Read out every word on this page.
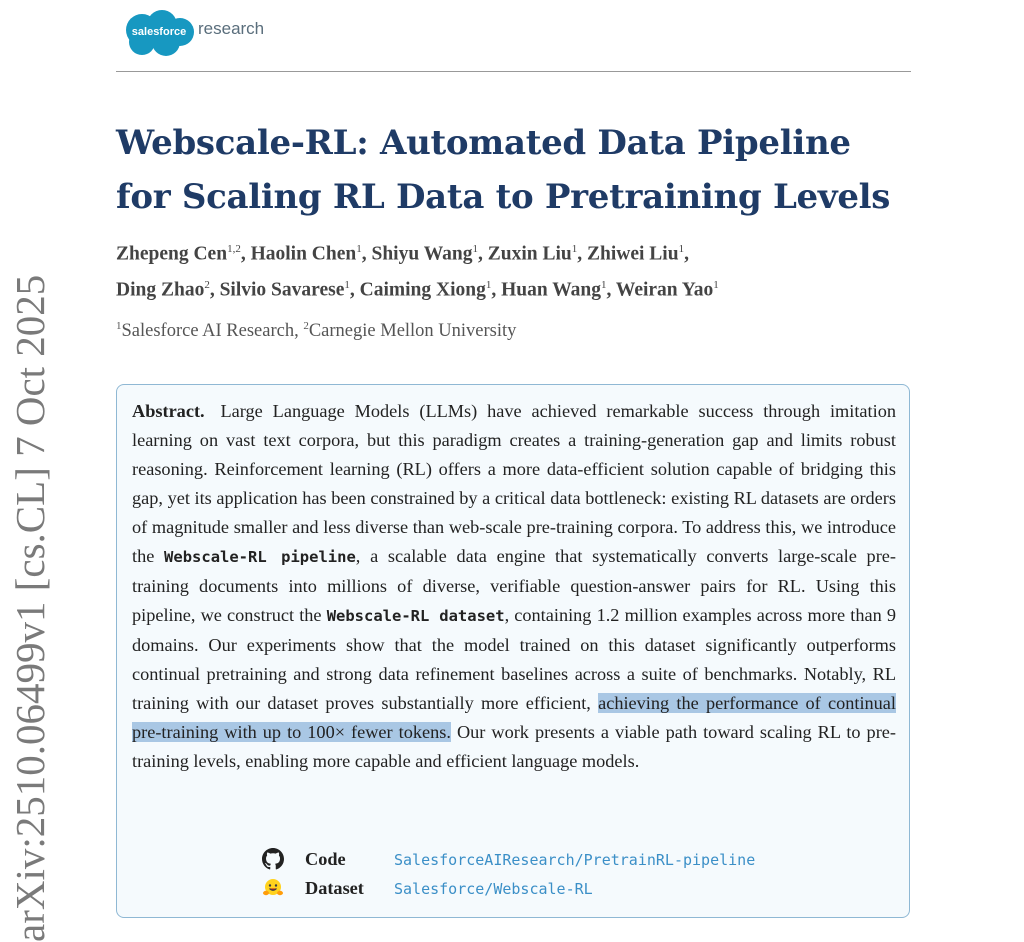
salesforce research
Webscale-RL: Automated Data Pipeline for Scaling RL Data to Pretraining Levels

Zhepeng Cen$^{1,2}$, Haolin Chen$^1$, Shiyu Wang$^1$, Zuxin Liu$^1$, Zhiwei Liu$^1$,
Ding Zhao$^2$, Silvio Savarese$^1$, Caiming Xiong$^1$, Huan Wang$^1$, Weiran Yao$^1$

$^1$Salesforce AI Research, $^2$Carnegie Mellon University

Abstract. Large Language Models (LLMs) have achieved remarkable success through imitation learning on vast text corpora, but this paradigm creates a training-generation gap and limits robust reasoning. Reinforcement learning (RL) offers a more data-efficient solution capable of bridging this gap, yet its application has been constrained by a critical data bottleneck: existing RL datasets are orders of magnitude smaller and less diverse than web-scale pre-training corpora. To address this, we introduce the Webscale-RL pipeline, a scalable data engine that systematically converts large-scale pre-training documents into millions of diverse, verifiable question-answer pairs for RL. Using this pipeline, we construct the Webscale-RL dataset, containing 1.2 million examples across more than 9 domains. Our experiments show that the model trained on this dataset significantly outperforms continual pretraining and strong data refinement baselines across a suite of benchmarks. Notably, RL training with our dataset proves substantially more efficient, achieving the performance of continual pre-training with up to 100× fewer tokens. Our work presents a viable path toward scaling RL to pre-training levels, enabling more capable and efficient language models.

Code	SalesforceAIResearch/PretrainRL-pipeline
Dataset Salesforce/Webscale-RL
arXiv:2510.06499v1 [cs.CL] 7 Oct 2025
